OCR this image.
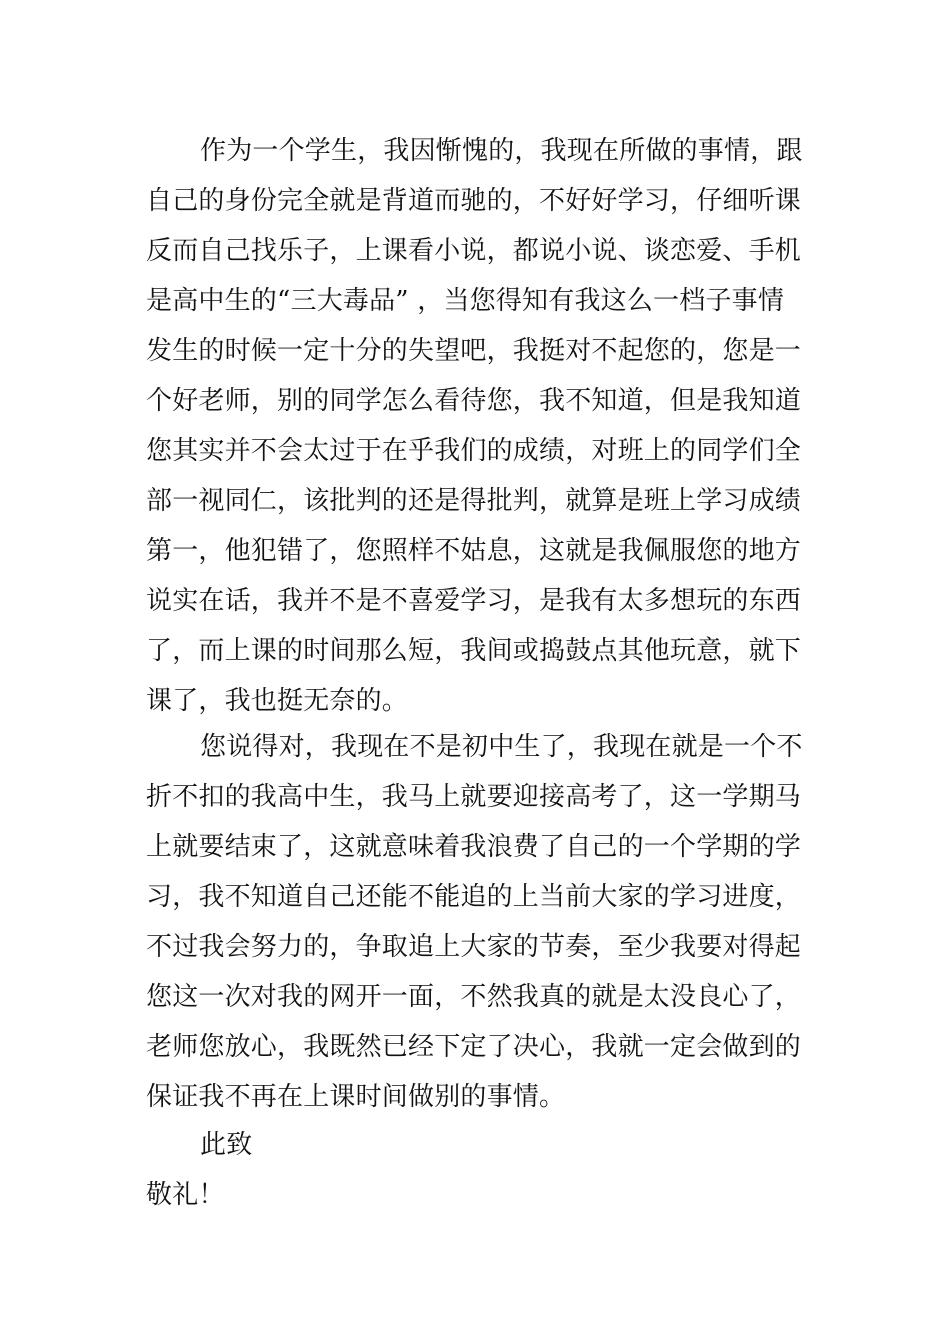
作为一个学生，我因惭愧的，我现在所做的事情，跟
自己的身份完全就是背道而驰的，不好好学习，仔细听课
反而自己找乐子，上课看小说，都说小说、谈恋爱、手机
是高中生的“三大毒品” ，当您得知有我这么一档子事情
发生的时候一定十分的失望吧，我挺对不起您的，您是一
个好老师，别的同学怎么看待您，我不知道，但是我知道
您其实并不会太过于在乎我们的成绩，对班上的同学们全
部一视同仁，该批判的还是得批判，就算是班上学习成绩
第一，他犯错了，您照样不姑息，这就是我佩服您的地方
说实在话，我并不是不喜爱学习，是我有太多想玩的东西
了，而上课的时间那么短，我间或捣鼓点其他玩意，就下
课了，我也挺无奈的。
您说得对，我现在不是初中生了，我现在就是一个不
折不扣的我高中生，我马上就要迎接高考了，这一学期马
上就要结束了，这就意味着我浪费了自己的一个学期的学
习，我不知道自己还能不能追的上当前大家的学习进度，
不过我会努力的，争取追上大家的节奏，至少我要对得起
您这一次对我的网开一面，不然我真的就是太没良心了，
老师您放心，我既然已经下定了决心，我就一定会做到的
保证我不再在上课时间做别的事情。
此致
敬礼！
